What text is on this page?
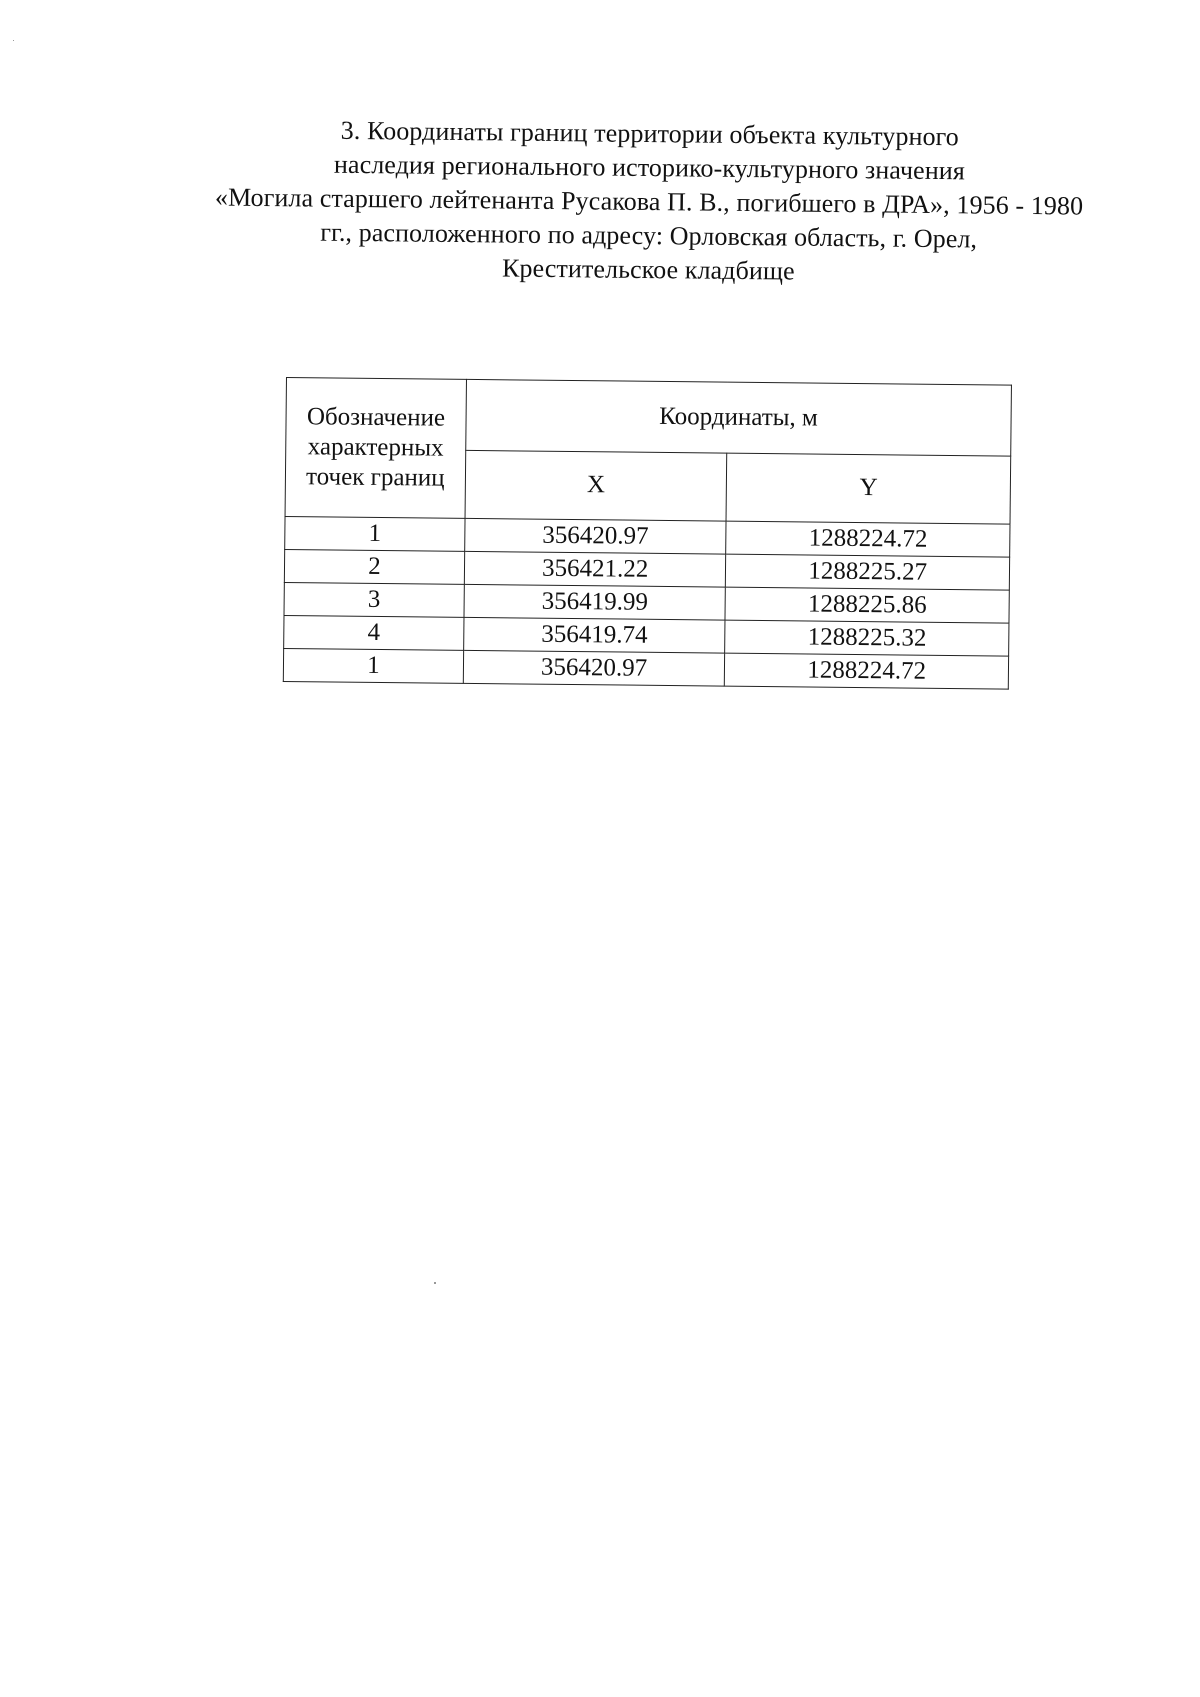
3. Координаты границ территории объекта культурного
наследия регионального историко-культурного значения
«Могила старшего лейтенанта Русакова П. В., погибшего в ДРА», 1956 - 1980
гг., расположенного по адресу: Орловская область, г. Орел,
Крестительское кладбище
Обозначение характерных точек границ	Координаты, м	
	X	Y
1	356420.97	1288224.72
2	356421.22	1288225.27
3	356419.99	1288225.86
4	356419.74	1288225.32
1	356420.97	1288224.72
